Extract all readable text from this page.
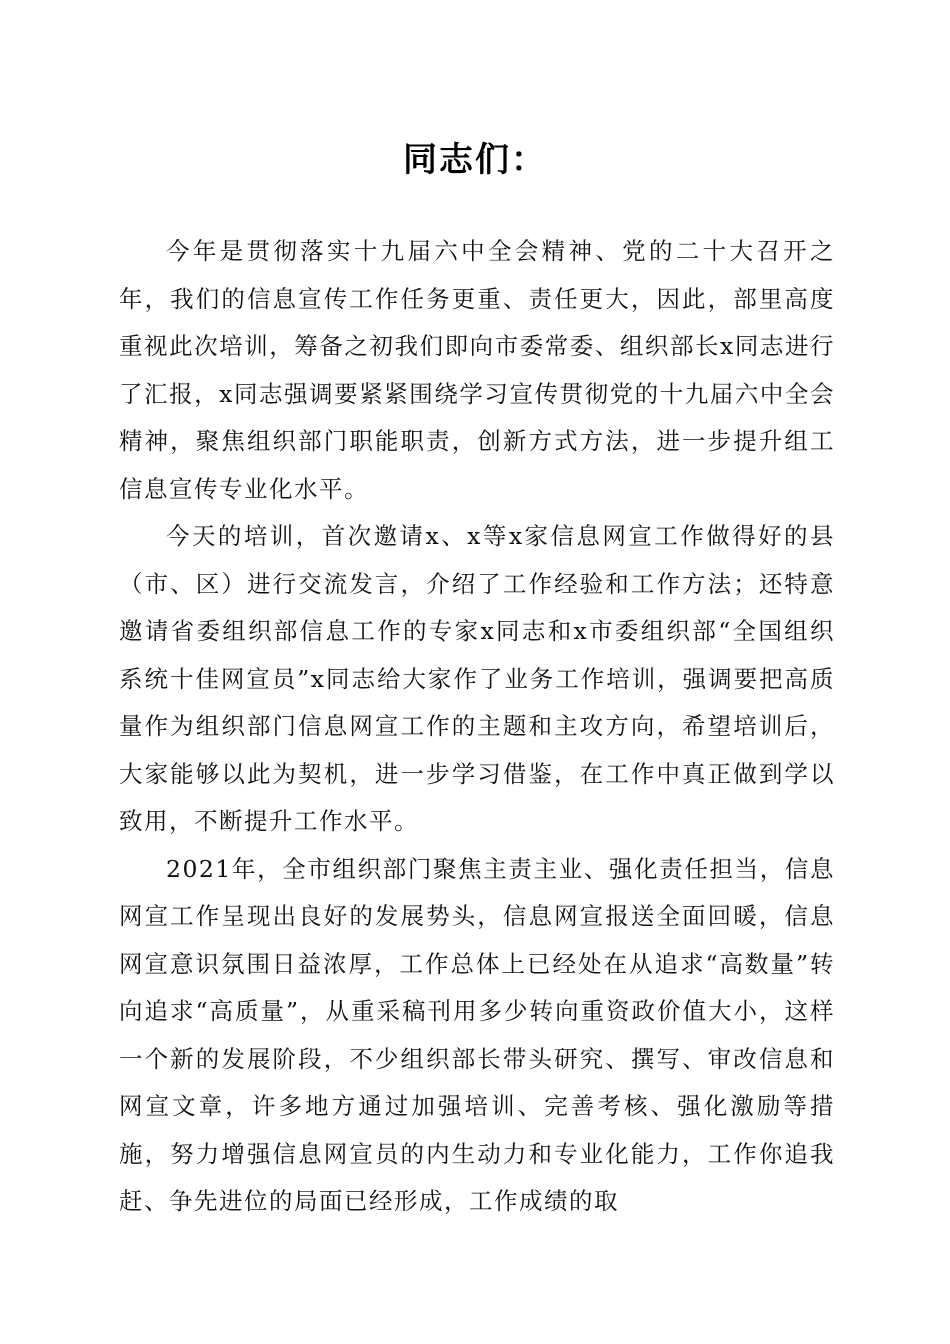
同志们：

今年是贯彻落实十九届六中全会精神、党的二十大召开之年，我们的信息宣传工作任务更重、责任更大，因此，部里高度重视此次培训，筹备之初我们即向市委常委、组织部长x同志进行了汇报，x同志强调要紧紧围绕学习宣传贯彻党的十九届六中全会精神，聚焦组织部门职能职责，创新方式方法，进一步提升组工信息宣传专业化水平。

今天的培训，首次邀请x、x等x家信息网宣工作做得好的县（市、区）进行交流发言，介绍了工作经验和工作方法；还特意邀请省委组织部信息工作的专家x同志和x市委组织部“全国组织系统十佳网宣员”x同志给大家作了业务工作培训，强调要把高质量作为组织部门信息网宣工作的主题和主攻方向，希望培训后，大家能够以此为契机，进一步学习借鉴，在工作中真正做到学以致用，不断提升工作水平。

2021年，全市组织部门聚焦主责主业、强化责任担当，信息网宣工作呈现出良好的发展势头，信息网宣报送全面回暖，信息网宣意识氛围日益浓厚，工作总体上已经处在从追求“高数量”转向追求“高质量”，从重采稿刊用多少转向重资政价值大小，这样一个新的发展阶段，不少组织部长带头研究、撰写、审改信息和网宣文章，许多地方通过加强培训、完善考核、强化激励等措施，努力增强信息网宣员的内生动力和专业化能力，工作你追我赶、争先进位的局面已经形成，工作成绩的取
